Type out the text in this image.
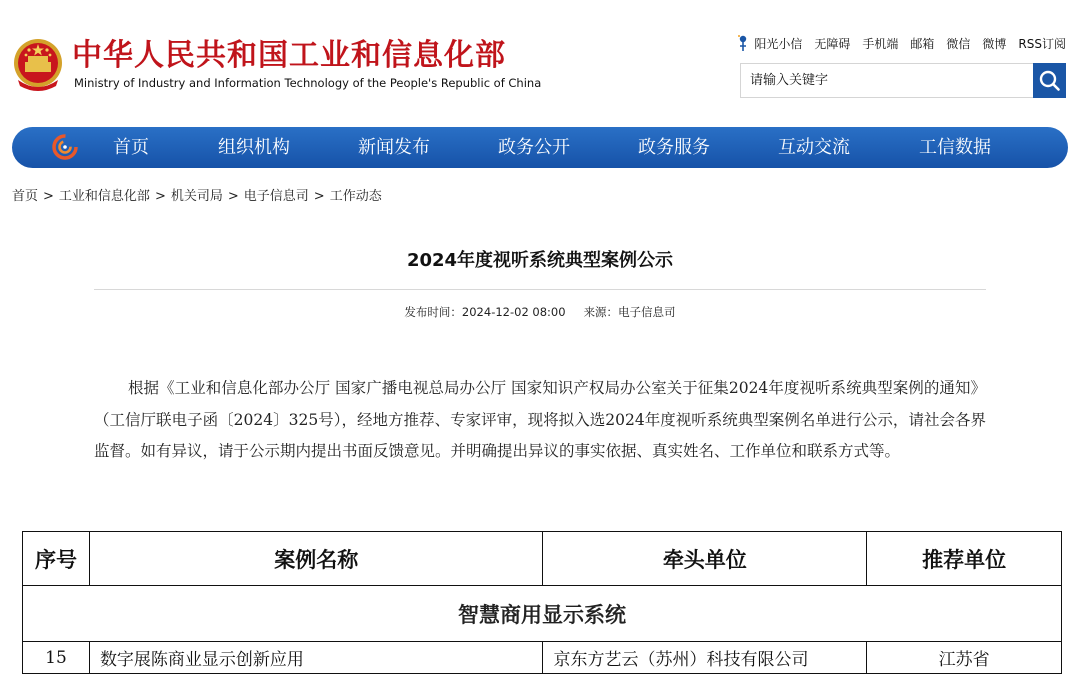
中华人民共和国工业和信息化部
Ministry of Industry and Information Technology of the People's Republic of China
阳光小信 无障碍 手机端 邮箱 微信 微博 RSS订阅
请输入关键字
首页	组织机构	新闻发布	政务公开	政务服务	互动交流	工信数据
首页 > 工业和信息化部 > 机关司局 > 电子信息司 > 工作动态
2024年度视听系统典型案例公示
发布时间：2024-12-02 08:00 来源：电子信息司
根据《工业和信息化部办公厅 国家广播电视总局办公厅 国家知识产权局办公室关于征集2024年度视听系统典型案例的通知》（工信厅联电子函〔2024〕325号），经地方推荐、专家评审，现将拟入选2024年度视听系统典型案例名单进行公示，请社会各界监督。如有异议，请于公示期内提出书面反馈意见。并明确提出异议的事实依据、真实姓名、工作单位和联系方式等。
序号	案例名称	牵头单位	推荐单位
智慧商用显示系统			
15	数字展陈商业显示创新应用	京东方艺云（苏州）科技有限公司	江苏省
